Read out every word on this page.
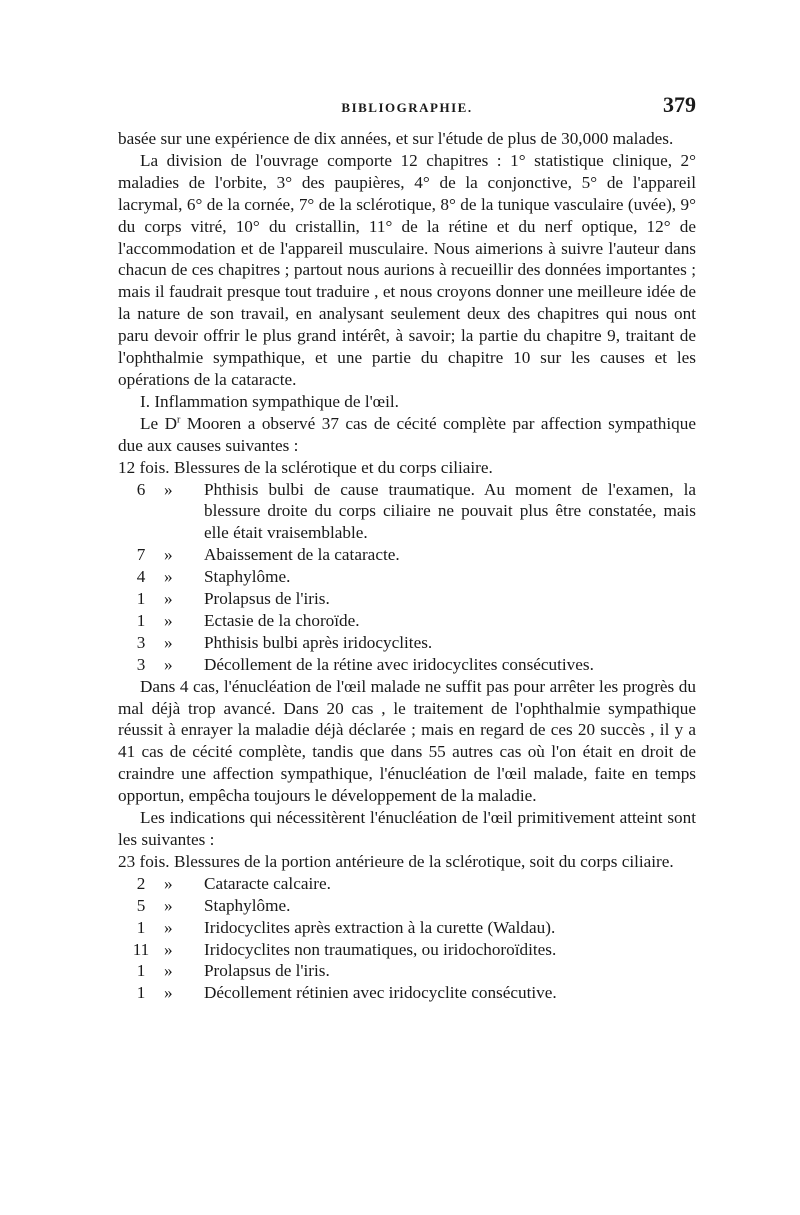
BIBLIOGRAPHIE.	379

basée sur une expérience de dix années, et sur l'étude de plus de 30,000 malades.

La division de l'ouvrage comporte 12 chapitres : 1° statistique clinique, 2° maladies de l'orbite, 3° des paupières, 4° de la conjonctive, 5° de l'appareil lacrymal, 6° de la cornée, 7° de la sclérotique, 8° de la tunique vasculaire (uvée), 9° du corps vitré, 10° du cristallin, 11° de la rétine et du nerf optique, 12° de l'accommodation et de l'appareil musculaire. Nous aimerions à suivre l'auteur dans chacun de ces chapitres ; partout nous aurions à recueillir des données importantes ; mais il faudrait presque tout traduire , et nous croyons donner une meilleure idée de la nature de son travail, en analysant seulement deux des chapitres qui nous ont paru devoir offrir le plus grand intérêt, à savoir; la partie du chapitre 9, traitant de l'ophthalmie sympathique, et une partie du chapitre 10 sur les causes et les opérations de la cataracte.

I. Inflammation sympathique de l'œil.

Le $D^r$ Mooren a observé 37 cas de cécité complète par affection sympathique due aux causes suivantes :

12 fois. Blessures de la sclérotique et du corps ciliaire.
6	»	Phthisis bulbi de cause traumatique. Au moment de l'examen, la blessure droite du corps ciliaire ne pouvait plus être constatée, mais elle était vraisemblable.
7	»	Abaissement de la cataracte.
4	»	Staphylôme.
1	»	Prolapsus de l'iris.
1	»	Ectasie de la choroïde.
3	»	Phthisis bulbi après iridocyclites.
3	»	Décollement de la rétine avec iridocyclites consécutives.

Dans 4 cas, l'énucléation de l'œil malade ne suffit pas pour arrêter les progrès du mal déjà trop avancé. Dans 20 cas , le traitement de l'ophthalmie sympathique réussit à enrayer la maladie déjà déclarée ; mais en regard de ces 20 succès , il y a 41 cas de cécité complète, tandis que dans 55 autres cas où l'on était en droit de craindre une affection sympathique, l'énucléation de l'œil malade, faite en temps opportun, empêcha toujours le développement de la maladie.

Les indications qui nécessitèrent l'énucléation de l'œil primitivement atteint sont les suivantes :

23 fois. Blessures de la portion antérieure de la sclérotique, soit du corps ciliaire.
2	»	Cataracte calcaire.
5	»	Staphylôme.
1	»	Iridocyclites après extraction à la curette (Waldau).
11 »	Iridocyclites non traumatiques, ou iridochoroïdites.
1	»	Prolapsus de l'iris.
1	»	Décollement rétinien avec iridocyclite consécutive.
